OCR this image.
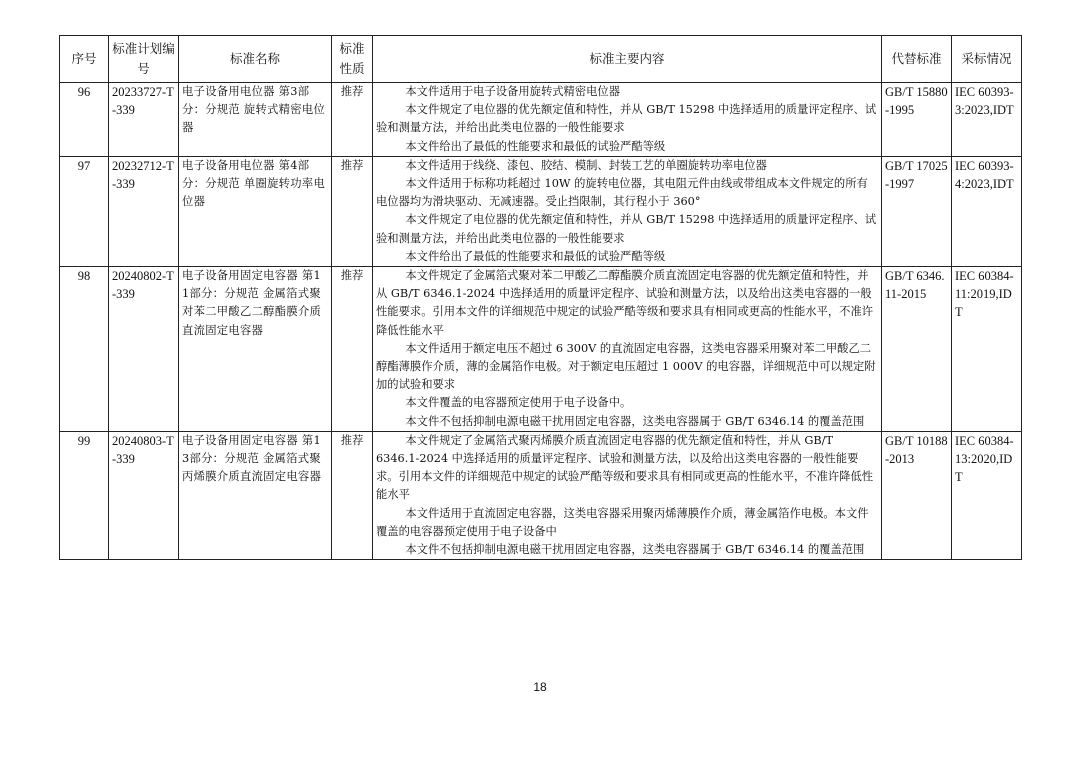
序号	标准计划编号	标准名称	标准性质	标准主要内容	代替标准	采标情况
96	20233727-T-339	电子设备用电位器 第3部分：分规范 旋转式精密电位器	推荐	本文件适用于电子设备用旋转式精密电位器

本文件规定了电位器的优先额定值和特性，并从 GB/T 15298 中选择适用的质量评定程序、试验和测量方法，并给出此类电位器的一般性能要求

本文件给出了最低的性能要求和最低的试验严酷等级	GB/T 15880-1995	IEC 60393-3:2023,IDT
97	20232712-T-339	电子设备用电位器 第4部分：分规范 单圈旋转功率电位器	推荐	本文件适用于线绕、漆包、胶结、模制、封装工艺的单圈旋转功率电位器

本文件适用于标称功耗超过 10W 的旋转电位器，其电阻元件由线或带组成本文件规定的所有电位器均为滑块驱动、无减速器。受止挡限制，其行程小于 360°

本文件规定了电位器的优先额定值和特性，并从 GB/T 15298 中选择适用的质量评定程序、试验和测量方法，并给出此类电位器的一般性能要求

本文件给出了最低的性能要求和最低的试验严酷等级	GB/T 17025-1997	IEC 60393-4:2023,IDT
98	20240802-T-339	电子设备用固定电容器 第11部分：分规范 金属箔式聚对苯二甲酸乙二醇酯膜介质直流固定电容器	推荐	本文件规定了金属箔式聚对苯二甲酸乙二醇酯膜介质直流固定电容器的优先额定值和特性，并从 GB/T 6346.1-2024 中选择适用的质量评定程序、试验和测量方法，以及给出这类电容器的一般性能要求。引用本文件的详细规范中规定的试验严酷等级和要求具有相同或更高的性能水平，不准许降低性能水平

本文件适用于额定电压不超过 6 300V 的直流固定电容器，这类电容器采用聚对苯二甲酸乙二醇酯薄膜作介质，薄的金属箔作电极。对于额定电压超过 1 000V 的电容器，详细规范中可以规定附加的试验和要求

本文件覆盖的电容器预定使用于电子设备中。

本文件不包括抑制电源电磁干扰用固定电容器，这类电容器属于 GB/T 6346.14 的覆盖范围	GB/T 6346.11-2015	IEC 60384-11:2019,IDT
99	20240803-T-339	电子设备用固定电容器 第13部分：分规范 金属箔式聚丙烯膜介质直流固定电容器	推荐	本文件规定了金属箔式聚丙烯膜介质直流固定电容器的优先额定值和特性，并从 GB/T 6346.1-2024 中选择适用的质量评定程序、试验和测量方法，以及给出这类电容器的一般性能要求。引用本文件的详细规范中规定的试验严酷等级和要求具有相同或更高的性能水平，不准许降低性能水平

本文件适用于直流固定电容器，这类电容器采用聚丙烯薄膜作介质，薄金属箔作电极。本文件覆盖的电容器预定使用于电子设备中

本文件不包括抑制电源电磁干扰用固定电容器，这类电容器属于 GB/T 6346.14 的覆盖范围	GB/T 10188-2013	IEC 60384-13:2020,IDT
18
